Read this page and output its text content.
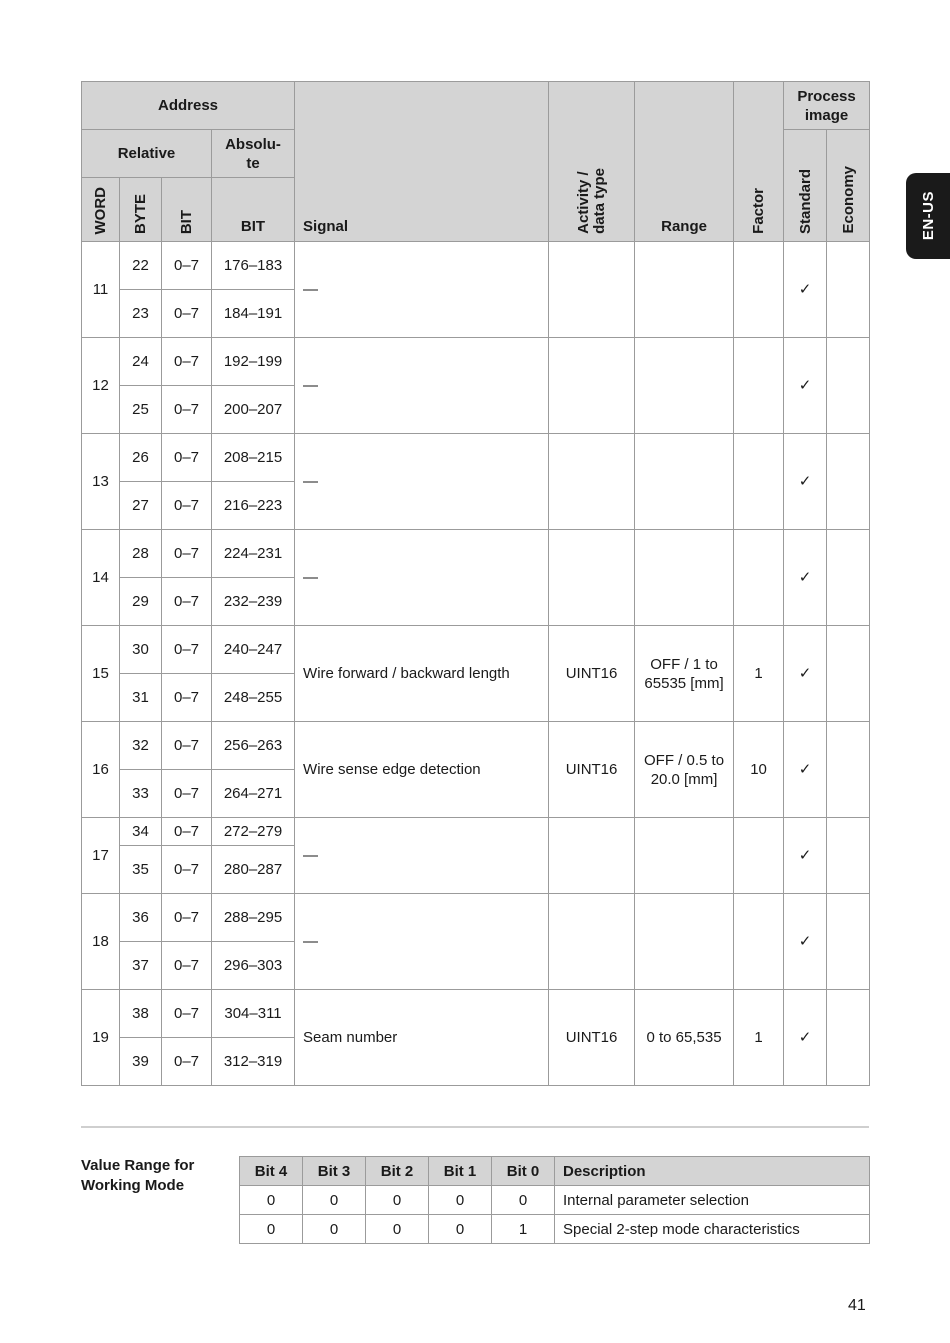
EN-US
Address				Signal	Activity /
data type	Range	Factor	Process
image	
Relative			Absolu-
te					Standard	Economy

WORD	BYTE	BIT	BIT						
11	22	0–7	176–183	—				✓	
	23	0–7	184–191						
12	24	0–7	192–199	—				✓	
	25	0–7	200–207						
13	26	0–7	208–215	—				✓	
	27	0–7	216–223						
14	28	0–7	224–231	—				✓	
	29	0–7	232–239						
15	30	0–7	240–247	Wire forward / backward length	UINT16	OFF / 1 to 65535 [mm]	1	✓	
	31	0–7	248–255						
16	32	0–7	256–263	Wire sense edge detection	UINT16	OFF / 0.5 to 20.0 [mm]	10	✓	
	33	0–7	264–271						
17	34	0–7	272–279	—				✓	
	35	0–7	280–287						
18	36	0–7	288–295	—				✓	
	37	0–7	296–303						
19	38	0–7	304–311	Seam number	UINT16	0 to 65,535	1	✓	
	39	0–7	312–319						
Value Range for Working Mode
Bit 4	Bit 3	Bit 2	Bit 1	Bit 0	Description
0	0	0	0	0	Internal parameter selection
0	0	0	0	1	Special 2-step mode characteristics
41
